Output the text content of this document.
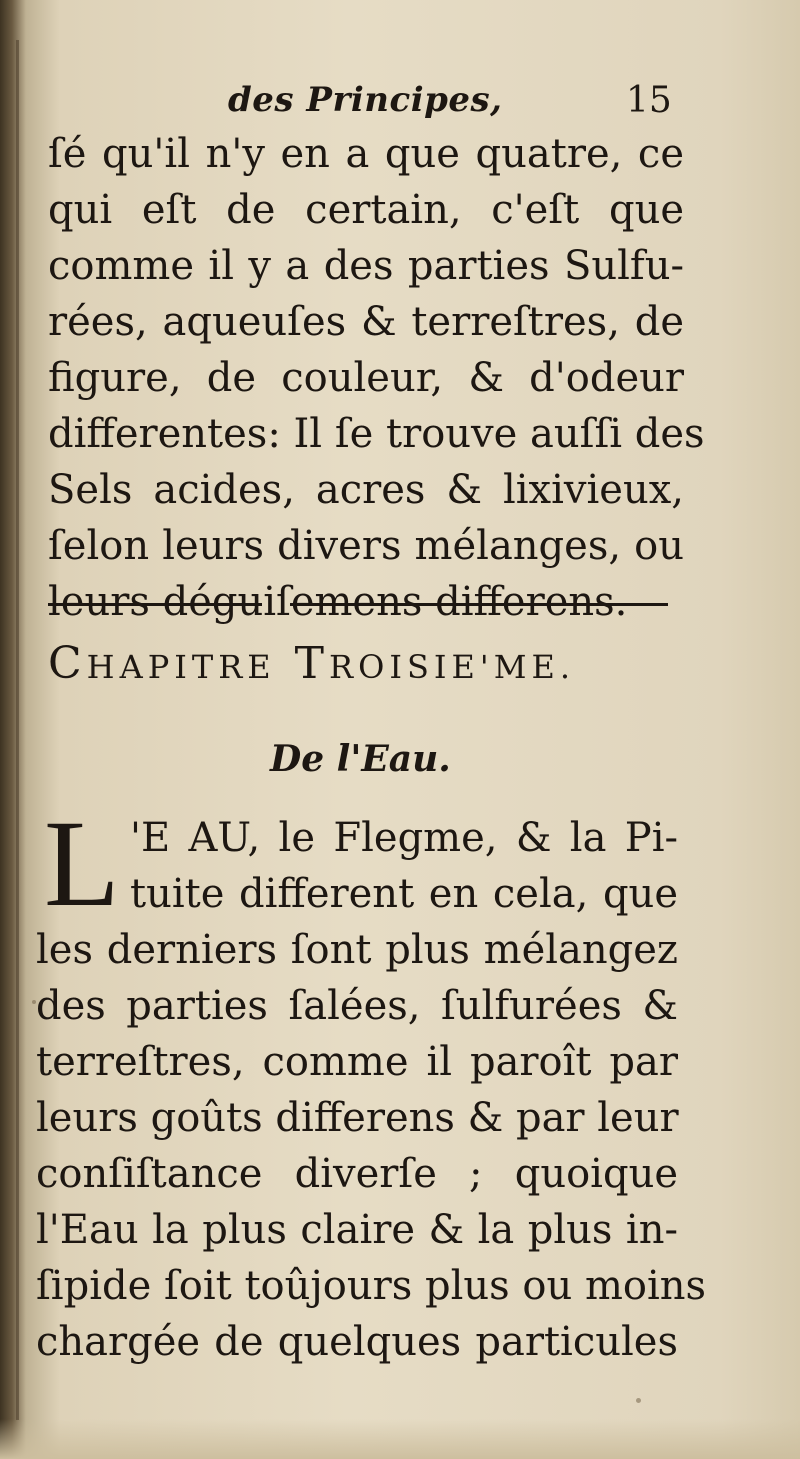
des Principes,	15
ſé qu'il n'y en a que quatre, ce
qui eſt de certain, c'eſt que
comme il y a des parties Sulfu-
rées, aqueuſes & terreſtres, de
figure, de couleur, & d'odeur
differentes: Il ſe trouve auſſi des
Sels acides, acres & lixivieux,
ſelon leurs divers mélanges, ou
leurs déguiſemens differens.
CHAPITRE TROISIE'ME.
De l'Eau.
L 'E AU, le Flegme, & la Pi-
tuite different en cela, que
les derniers ſont plus mélangez
des parties ſalées, ſulfurées &
terreſtres, comme il paroît par
leurs goûts differens & par leur
conſiſtance diverſe ; quoique
l'Eau la plus claire & la plus in-
ſipide ſoit toûjours plus ou moins
chargée de quelques particules
